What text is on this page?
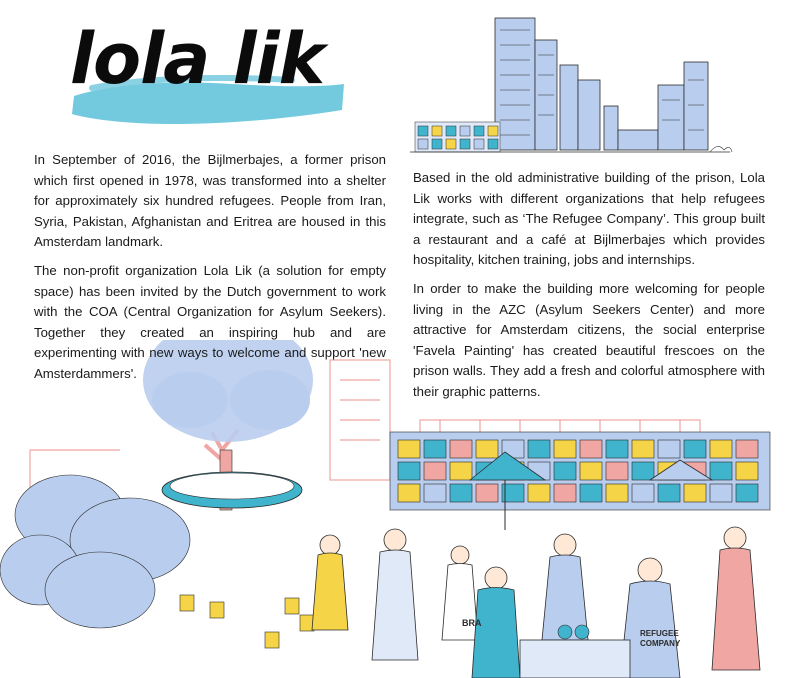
BRA
REFUGEE
COMPANY
lola lik

In September of 2016, the Bijlmerbajes, a former prison which first opened in 1978, was transformed into a shelter for approximately six hundred refugees. People from Iran, Syria, Pakistan, Afghanistan and Eritrea are housed in this Amsterdam landmark.

The non-profit organization Lola Lik (a solution for empty space) has been invited by the Dutch government to work with the COA (Central Organization for Asylum Seekers). Together they created an inspiring hub and are experimenting with new ways to welcome and support 'new Amsterdammers'.

Based in the old administrative building of the prison, Lola Lik works with different organizations that help refugees integrate, such as ‘The Refugee Company’. This group built a restaurant and a café at Bijlmerbajes which provides hospitality, kitchen training, jobs and internships.

In order to make the building more welcoming for people living in the AZC (Asylum Seekers Center) and more attractive for Amsterdam citizens, the social enterprise 'Favela Painting' has created beautiful frescoes on the prison walls. They add a fresh and colorful atmosphere with their graphic patterns.
